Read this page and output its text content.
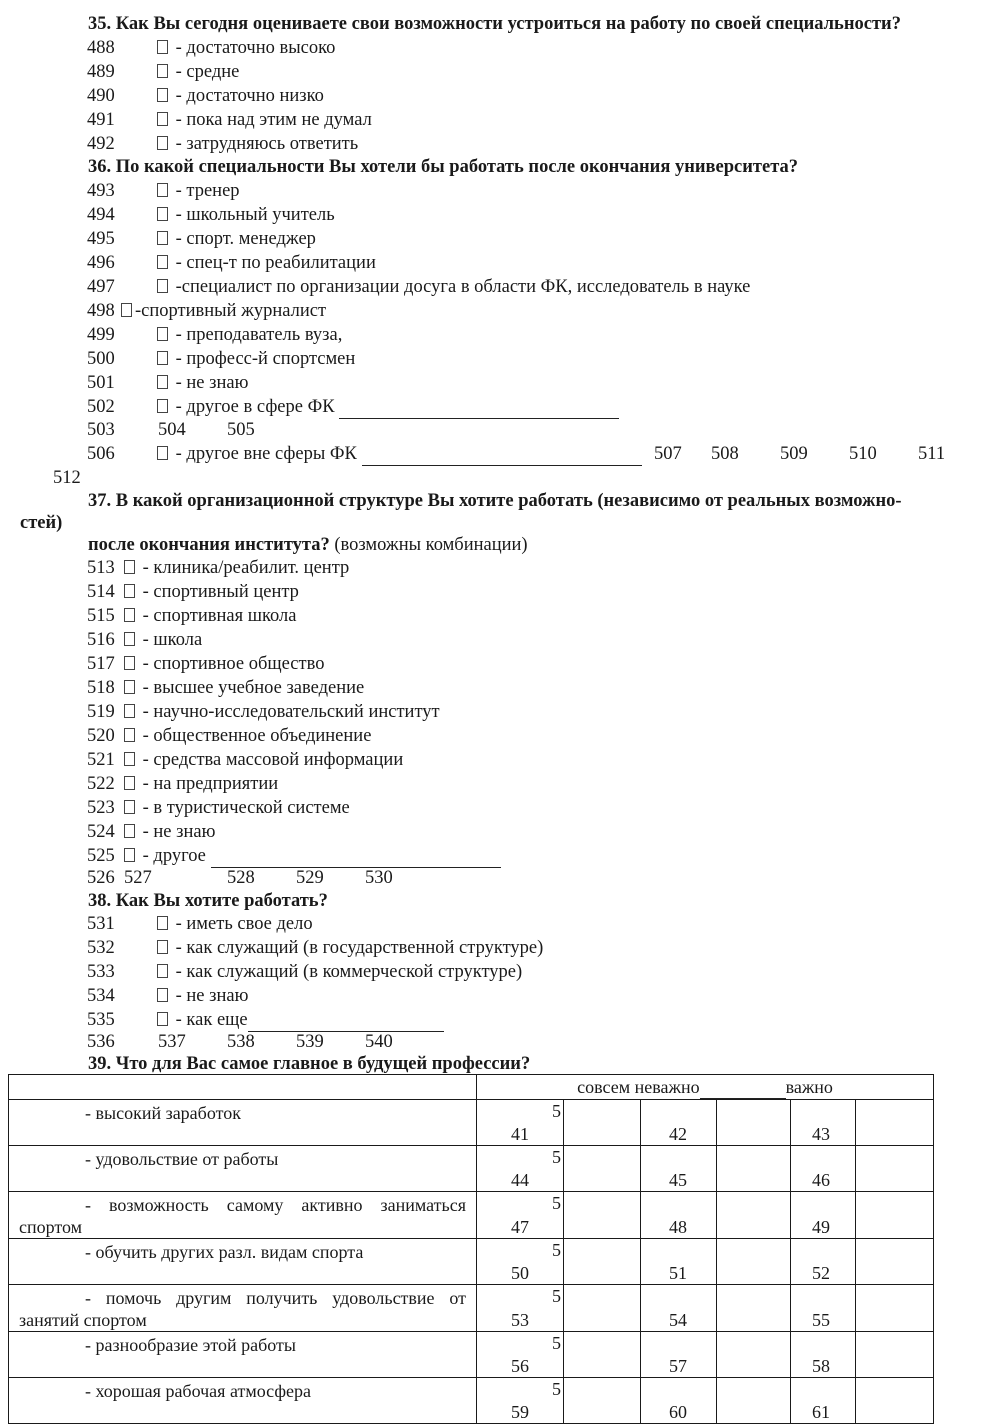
35. Как Вы сегодня оцениваете свои возможности устроиться на работу по своей специальности?
488	- достаточно высоко
489	- средне
490	- достаточно низко
491	- пока над этим не думал
492	- затрудняюсь ответить
36. По какой специальности Вы хотели бы работать после окончания университета?
493	- тренер
494	- школьный учитель
495	- спорт. менеджер
496	- спец-т по реабилитации
497	-специалист по организации досуга в области ФК, исследователь в науке
498	-спортивный журналист
499	- преподаватель вуза,
500	- професс-й спортсмен
501	- не знаю
502	- другое в сфере ФК
503 504 505
506	- другое вне сферы ФК	507 508 509 510 511
512
37. В какой организационной структуре Вы хотите работать (независимо от реальных возможно-
стей)
после окончания института? (возможны комбинации)
513	- клиника/реабилит. центр
514	- спортивный центр
515	- спортивная школа
516	- школа
517	- спортивное общество
518	- высшее учебное заведение
519	- научно-исследовательский институт
520	- общественное объединение
521	- средства массовой информации
522	- на предприятии
523	- в туристической системе
524	- не знаю
525	- другое
526 527	528 529 530
38. Как Вы хотите работать?
531	- иметь свое дело
532	- как служащий (в государственной структуре)
533	- как служащий (в коммерческой структуре)
534	- не знаю
535	- как еще
536 537 538 539 540
39. Что для Вас самое главное в будущей профессии?
	совсем неважно важно					

- высокий заработок	5
41		42		43	

- удовольствие от работы	5
44		45		46	

- возможность самому активно заниматься спортом	5
47		48		49	

- обучить других разл. видам спорта	5
50		51		52	

- помочь другим получить удовольствие от занятий спортом	5
53		54		55	

- разнообразие этой работы	5
56		57		58	

- хорошая рабочая атмосфера	5
59		60		61	
